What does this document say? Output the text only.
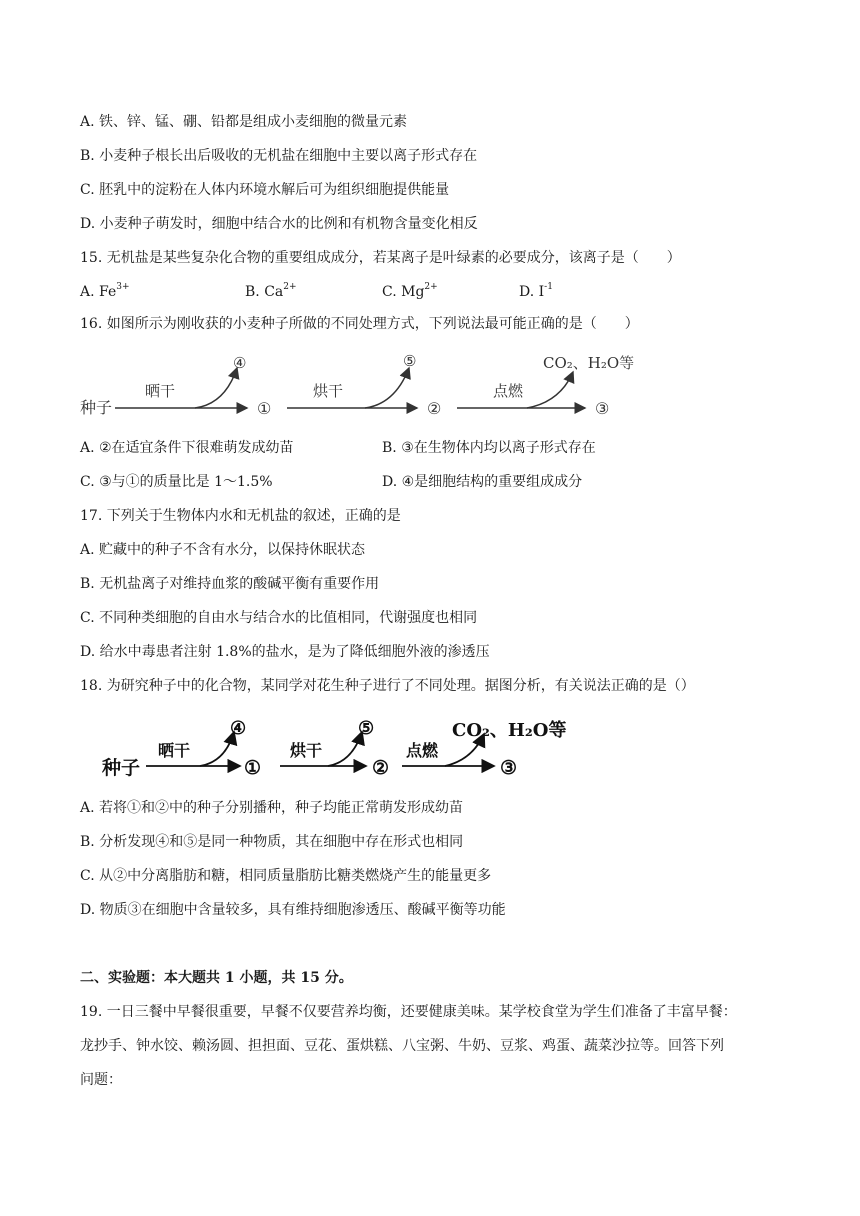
A. 铁、锌、锰、硼、铅都是组成小麦细胞的微量元素
B. 小麦种子根长出后吸收的无机盐在细胞中主要以离子形式存在
C. 胚乳中的淀粉在人体内环境水解后可为组织细胞提供能量
D. 小麦种子萌发时，细胞中结合水的比例和有机物含量变化相反
15. 无机盐是某些复杂化合物的重要组成成分，若某离子是叶绿素的必要成分，该离子是（　　）
A. $Fe^{3+}$	B. $Ca^{2+}$	C. $Mg^{2+}$	D. $I^{-1}$
16. 如图所示为刚收获的小麦种子所做的不同处理方式，下列说法最可能正确的是（　　）
种子
晒干
④
①
烘干
⑤
②
点燃
CO₂、H₂O等
③
A. ②在适宜条件下很难萌发成幼苗	B. ③在生物体内均以离子形式存在
C. ③与①的质量比是 1～1.5%	D. ④是细胞结构的重要组成成分
17. 下列关于生物体内水和无机盐的叙述，正确的是
A. 贮藏中的种子不含有水分，以保持休眠状态
B. 无机盐离子对维持血浆的酸碱平衡有重要作用
C. 不同种类细胞的自由水与结合水的比值相同，代谢强度也相同
D. 给水中毒患者注射 1.8%的盐水，是为了降低细胞外液的渗透压
18. 为研究种子中的化合物，某同学对花生种子进行了不同处理。据图分析，有关说法正确的是（）
种子
晒干
④
①
烘干
⑤
②
点燃
CO₂、H₂O等
③
A. 若将①和②中的种子分别播种，种子均能正常萌发形成幼苗
B. 分析发现④和⑤是同一种物质，其在细胞中存在形式也相同
C. 从②中分离脂肪和糖，相同质量脂肪比糖类燃烧产生的能量更多
D. 物质③在细胞中含量较多，具有维持细胞渗透压、酸碱平衡等功能
二、实验题：本大题共 1 小题，共 15 分。
19. 一日三餐中早餐很重要，早餐不仅要营养均衡，还要健康美味。某学校食堂为学生们准备了丰富早餐：
龙抄手、钟水饺、赖汤圆、担担面、豆花、蛋烘糕、八宝粥、牛奶、豆浆、鸡蛋、蔬菜沙拉等。回答下列
问题：
